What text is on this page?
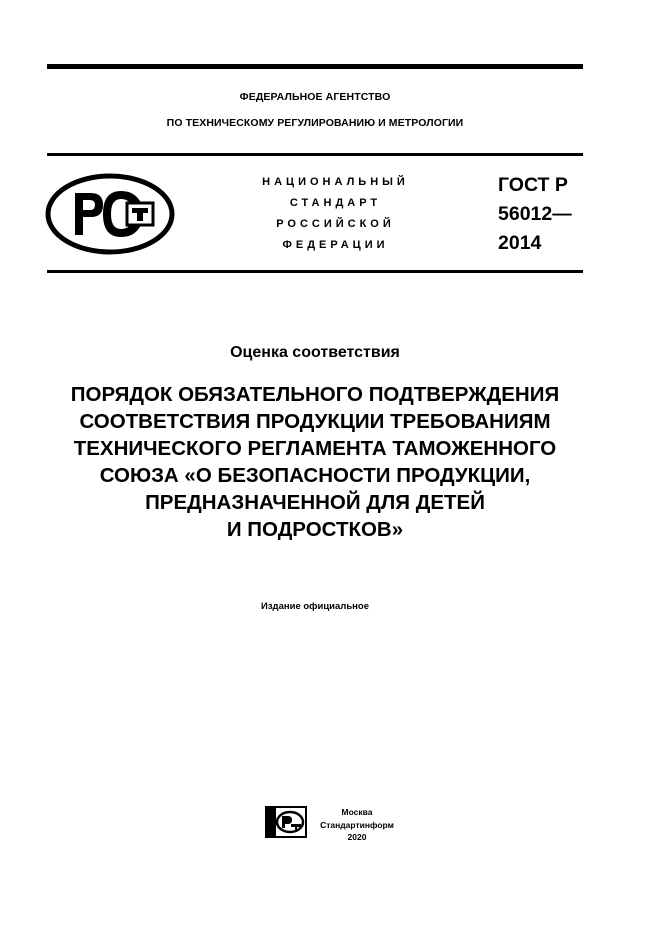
ФЕДЕРАЛЬНОЕ АГЕНТСТВО
ПО ТЕХНИЧЕСКОМУ РЕГУЛИРОВАНИЮ И МЕТРОЛОГИИ
НАЦИОНАЛЬНЫЙ
СТАНДАРТ
РОССИЙСКОЙ
ФЕДЕРАЦИИ
ГОСТ Р
56012—
2014
Оценка соответствия
ПОРЯДОК ОБЯЗАТЕЛЬНОГО ПОДТВЕРЖДЕНИЯ
СООТВЕТСТВИЯ ПРОДУКЦИИ ТРЕБОВАНИЯМ
ТЕХНИЧЕСКОГО РЕГЛАМЕНТА ТАМОЖЕННОГО
СОЮЗА «О БЕЗОПАСНОСТИ ПРОДУКЦИИ,
ПРЕДНАЗНАЧЕННОЙ ДЛЯ ДЕТЕЙ
И ПОДРОСТКОВ»
Издание официальное
Москва
Стандартинформ
2020
